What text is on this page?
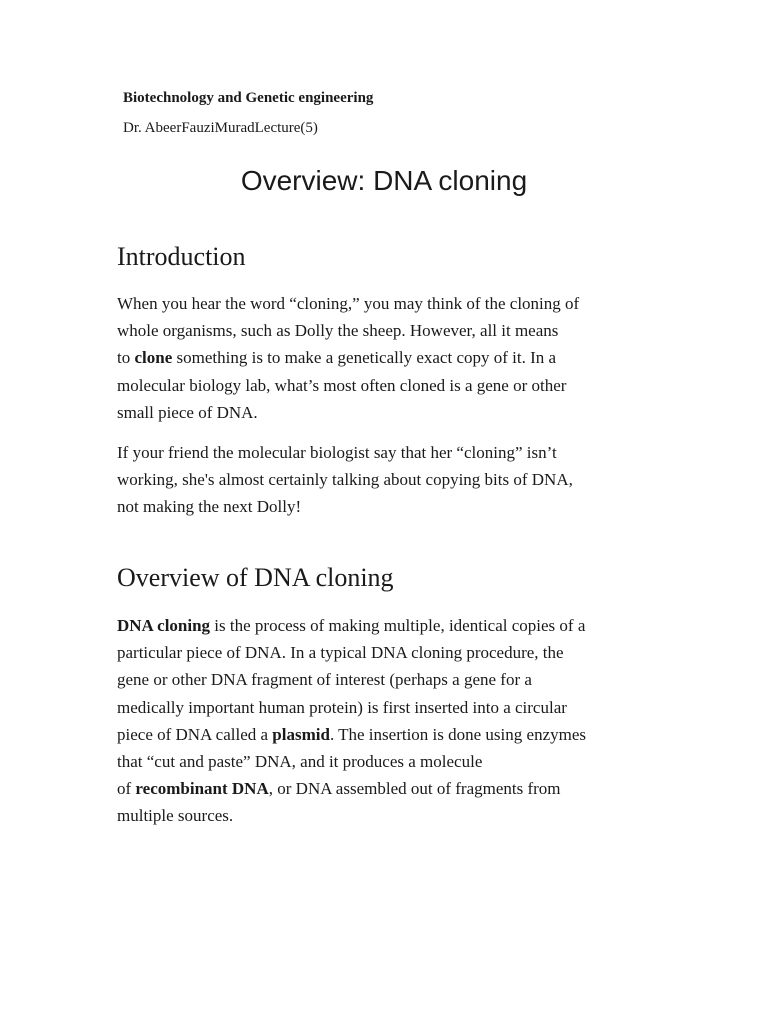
Biotechnology and Genetic engineering
Dr. AbeerFauziMuradLecture(5)
Overview: DNA cloning
Introduction

When you hear the word “cloning,” you may think of the cloning of
whole organisms, such as Dolly the sheep. However, all it means
to clone something is to make a genetically exact copy of it. In a
molecular biology lab, what’s most often cloned is a gene or other
small piece of DNA.

If your friend the molecular biologist say that her “cloning” isn’t
working, she's almost certainly talking about copying bits of DNA,
not making the next Dolly!

Overview of DNA cloning

DNA cloning is the process of making multiple, identical copies of a
particular piece of DNA. In a typical DNA cloning procedure, the
gene or other DNA fragment of interest (perhaps a gene for a
medically important human protein) is first inserted into a circular
piece of DNA called a plasmid. The insertion is done using enzymes
that “cut and paste” DNA, and it produces a molecule
of recombinant DNA, or DNA assembled out of fragments from
multiple sources.
